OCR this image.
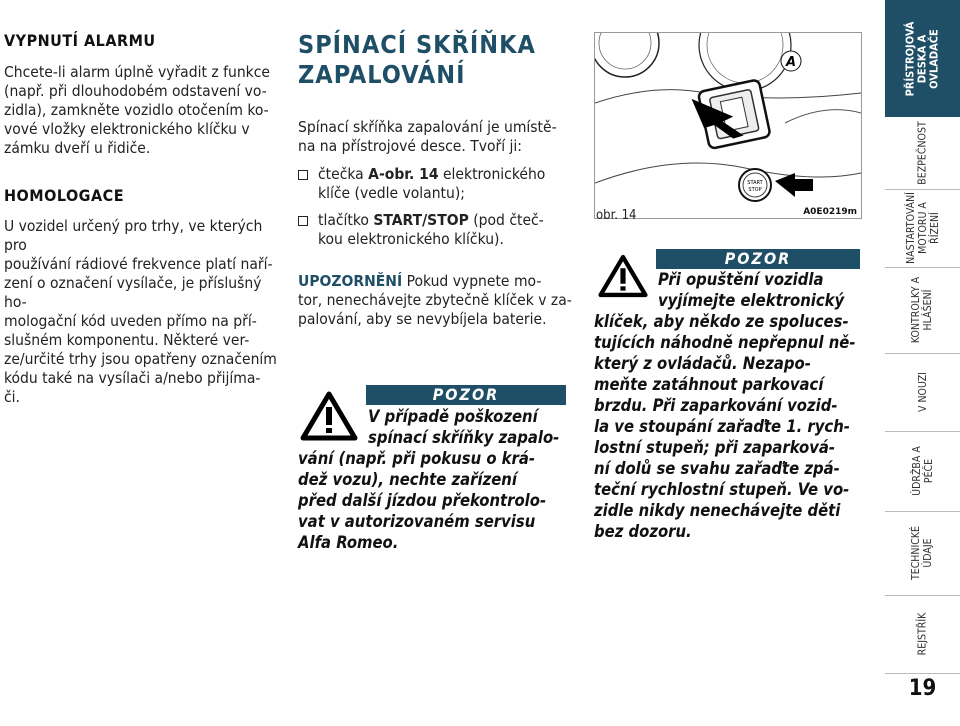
VYPNUTÍ ALARMU

Chcete-li alarm úplně vyřadit z funkce

(např. při dlouhodobém odstavení vo-

zidla), zamkněte vozidlo otočením ko-

vové vložky elektronického klíčku v

zámku dveří u řidiče.

HOMOLOGACE

U vozidel určený pro trhy, ve kterých pro

používání rádiové frekvence platí naří-

zení o označení vysílače, je příslušný ho-

mologační kód uveden přímo na pří-

slušném komponentu. Některé ver-

ze/určité trhy jsou opatřeny označením

kódu také na vysílači a/nebo přijíma-

či.

SPÍNACÍ SKŘÍŇKA
ZAPALOVÁNÍ

Spínací skříňka zapalování je umístě-

na na přístrojové desce. Tvoří ji:

čtečka A-obr. 14 elektronického
klíče (vedle volantu);
tlačítko START/STOP (pod čteč-
kou elektronického klíčku).

UPOZORNĚNÍ Pokud vypnete mo-

tor, nenechávejte zbytečně klíček v za-

palování, aby se nevybíjela baterie.

POZOR
V případě poškození
spínací skříňky zapalo-
vání (např. při pokusu o krá-
dež vozu), nechte zařízení
před další jízdou překontrolo-
vat v autorizovaném servisu
Alfa Romeo.
A
START
STOP
A0E0219m
obr. 14
POZOR
Při opuštění vozidla
vyjímejte elektronický
klíček, aby někdo ze spoluces-
tujících náhodně nepřepnul ně-
který z ovládačů. Nezapo-
meňte zatáhnout parkovací
brzdu. Při zaparkování vozid-
la ve stoupání zařaďte 1. rych-
lostní stupeň; při zaparková-
ní dolů se svahu zařaďte zpá-
teční rychlostní stupeň. Ve vo-
zidle nikdy nenechávejte děti
bez dozoru.
PŘÍSTROJOVÁ
DESKA A
OVLADAČE
BEZPEČNOST
NASTARTOVÁNÍ
MOTORU A
ŘÍZENÍ
KONTROLKY A
HLÁŠENÍ
V NOUZI
ÚDRŽBA A
PÉČE
TECHNICKÉ
ÚDAJE
REJSTŘÍK
19
